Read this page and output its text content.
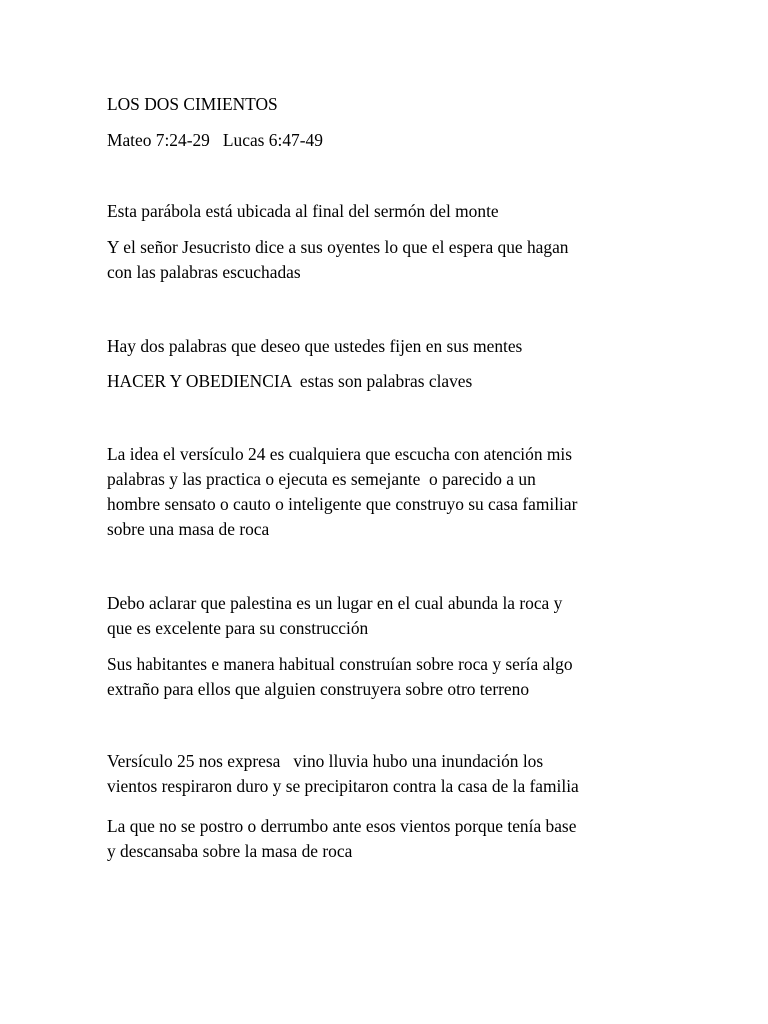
LOS DOS CIMIENTOS

Mateo 7:24-29   Lucas 6:47-49

Esta parábola está ubicada al final del sermón del monte

Y el señor Jesucristo dice a sus oyentes lo que el espera que hagan

con las palabras escuchadas

Hay dos palabras que deseo que ustedes fijen en sus mentes

HACER Y OBEDIENCIA  estas son palabras claves

La idea el versículo 24 es cualquiera que escucha con atención mis

palabras y las practica o ejecuta es semejante  o parecido a un

hombre sensato o cauto o inteligente que construyo su casa familiar

sobre una masa de roca

Debo aclarar que palestina es un lugar en el cual abunda la roca y

que es excelente para su construcción

Sus habitantes e manera habitual construían sobre roca y sería algo

extraño para ellos que alguien construyera sobre otro terreno

Versículo 25 nos expresa   vino lluvia hubo una inundación los

vientos respiraron duro y se precipitaron contra la casa de la familia

La que no se postro o derrumbo ante esos vientos porque tenía base

y descansaba sobre la masa de roca
